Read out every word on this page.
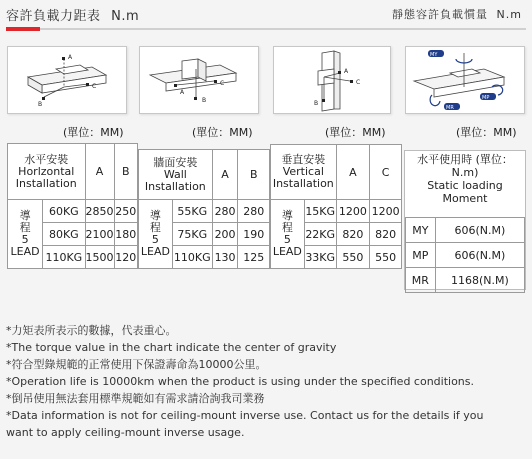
容許負載力距表 N.m	靜態容許負載慣量 N.m
A
B
C
A
B
C
A
B
C
MY
MR
MP
(單位：MM)	(單位：MM)	(單位：MM)	(單位：MM)
水平安裝
Horlzontal
Installation		A	B

導
程
5
LEAD	60KG	2850	250
	80KG	2100	180
	110KG	1500	120
牆面安裝
Wall
Installation		A	B

導
程
5
LEAD	55KG	280	280
	75KG	200	190
	110KG	130	125
垂直安裝
Vertical
Installation		A	C

導
程
5
LEAD	15KG	1200	1200
	22KG	820	820
	33KG	550	550
水平使用時 (單位：
N.m)
Static loading
Moment
MY	606(N.M)
MP	606(N.M)
MR	1168(N.M)
*力矩表所表示的數據，代表重心。
*The torque value in the chart indicate the center of gravity
*符合型錄規範的正常使用下保證壽命為10000公里。
*Operation life is 10000km when the product is using under the specified conditions.
*倒吊使用無法套用標準規範如有需求請洽詢我司業務
*Data information is not for ceiling-mount inverse use. Contact us for the details if you
want to apply ceiling-mount inverse usage.
